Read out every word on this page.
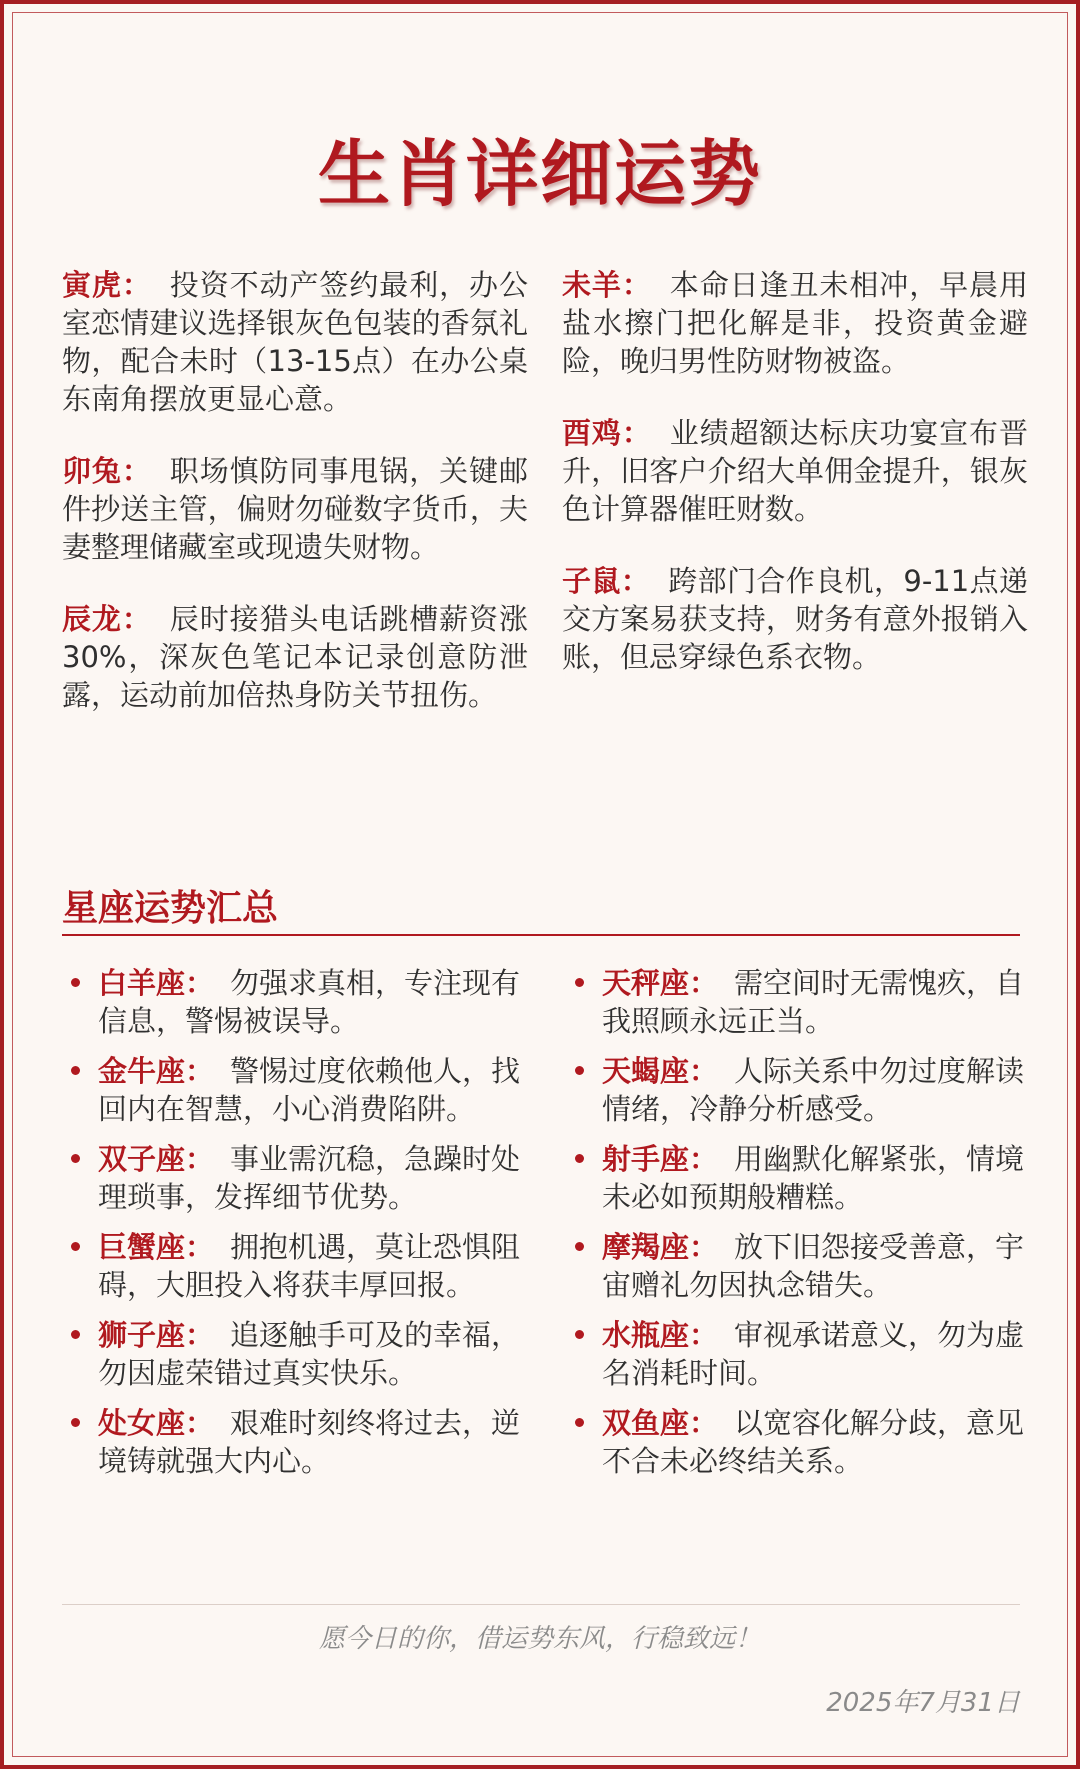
生肖详细运势
寅虎： 投资不动产签约最利，办公室恋情建议选择银灰色包装的香氛礼物，配合未时（13-15点）在办公桌东南角摆放更显心意。
卯兔： 职场慎防同事甩锅，关键邮件抄送主管，偏财勿碰数字货币，夫妻整理储藏室或现遗失财物。
辰龙： 辰时接猎头电话跳槽薪资涨30%，深灰色笔记本记录创意防泄露，运动前加倍热身防关节扭伤。
未羊： 本命日逢丑未相冲，早晨用盐水擦门把化解是非，投资黄金避险，晚归男性防财物被盗。
酉鸡： 业绩超额达标庆功宴宣布晋升，旧客户介绍大单佣金提升，银灰色计算器催旺财数。
子鼠： 跨部门合作良机，9-11点递交方案易获支持，财务有意外报销入账，但忌穿绿色系衣物。
星座运势汇总
白羊座： 勿强求真相，专注现有信息，警惕被误导。
金牛座： 警惕过度依赖他人，找回内在智慧，小心消费陷阱。
双子座： 事业需沉稳，急躁时处理琐事，发挥细节优势。
巨蟹座： 拥抱机遇，莫让恐惧阻碍，大胆投入将获丰厚回报。
狮子座： 追逐触手可及的幸福，勿因虚荣错过真实快乐。
处女座： 艰难时刻终将过去，逆境铸就强大内心。
天秤座： 需空间时无需愧疚，自我照顾永远正当。
天蝎座： 人际关系中勿过度解读情绪，冷静分析感受。
射手座： 用幽默化解紧张，情境未必如预期般糟糕。
摩羯座： 放下旧怨接受善意，宇宙赠礼勿因执念错失。
水瓶座： 审视承诺意义，勿为虚名消耗时间。
双鱼座： 以宽容化解分歧，意见不合未必终结关系。
愿今日的你，借运势东风，行稳致远！
2025年7月31日
